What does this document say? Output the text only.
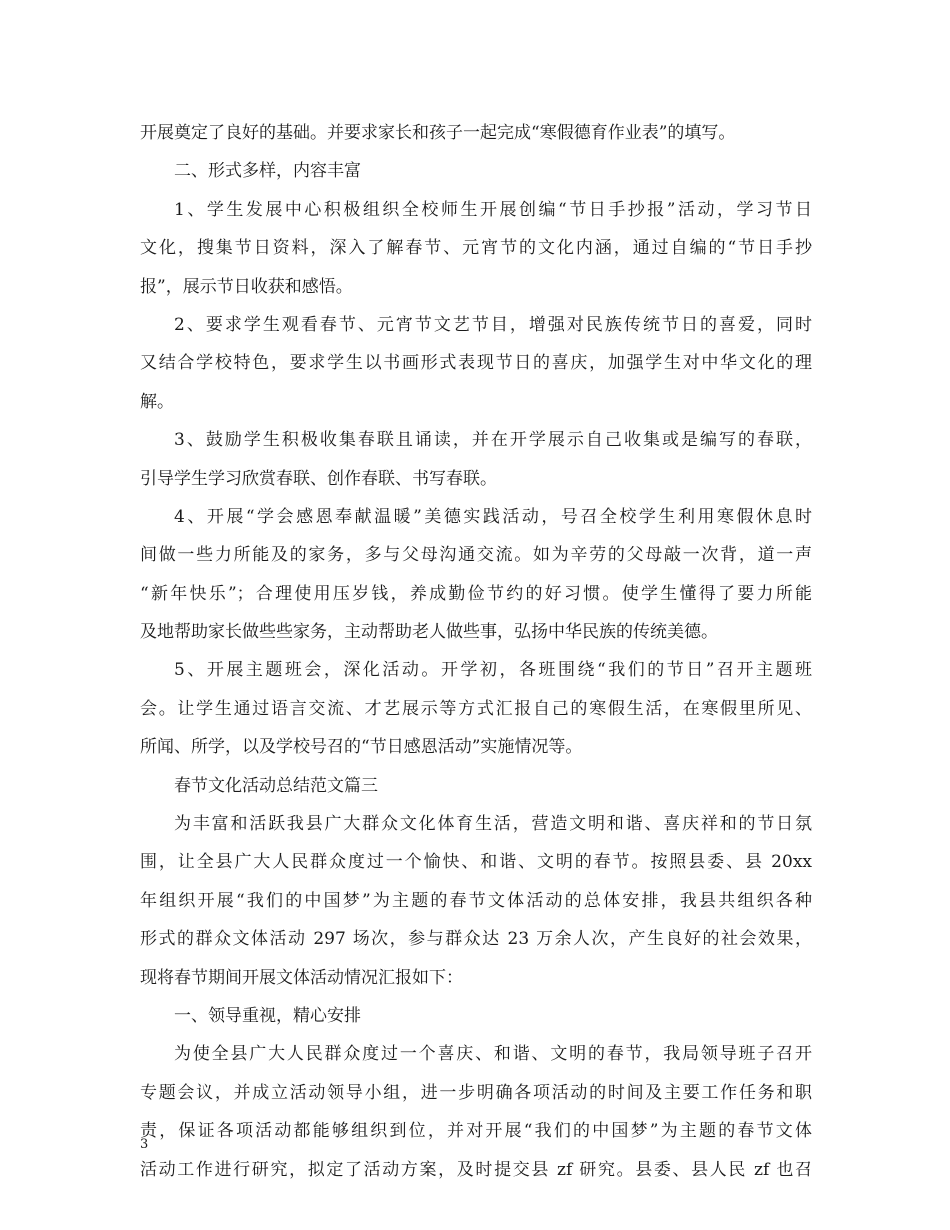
开展奠定了良好的基础。并要求家长和孩子一起完成“寒假德育作业表”的填写。
二、形式多样，内容丰富
1、学生发展中心积极组织全校师生开展创编“节日手抄报”活动，学习节日
文化，搜集节日资料，深入了解春节、元宵节的文化内涵，通过自编的“节日手抄
报”，展示节日收获和感悟。
2、要求学生观看春节、元宵节文艺节目，增强对民族传统节日的喜爱，同时
又结合学校特色，要求学生以书画形式表现节日的喜庆，加强学生对中华文化的理
解。
3、鼓励学生积极收集春联且诵读，并在开学展示自己收集或是编写的春联，
引导学生学习欣赏春联、创作春联、书写春联。
4、开展“学会感恩奉献温暖”美德实践活动，号召全校学生利用寒假休息时
间做一些力所能及的家务，多与父母沟通交流。如为辛劳的父母敲一次背，道一声
“新年快乐”；合理使用压岁钱，养成勤俭节约的好习惯。使学生懂得了要力所能
及地帮助家长做些些家务，主动帮助老人做些事，弘扬中华民族的传统美德。
5、开展主题班会，深化活动。开学初，各班围绕“我们的节日”召开主题班
会。让学生通过语言交流、才艺展示等方式汇报自己的寒假生活，在寒假里所见、
所闻、所学，以及学校号召的“节日感恩活动”实施情况等。
春节文化活动总结范文篇三
为丰富和活跃我县广大群众文化体育生活，营造文明和谐、喜庆祥和的节日氛
围，让全县广大人民群众度过一个愉快、和谐、文明的春节。按照县委、县 20xx
年组织开展“我们的中国梦”为主题的春节文体活动的总体安排，我县共组织各种
形式的群众文体活动 297 场次，参与群众达 23 万余人次，产生良好的社会效果，
现将春节期间开展文体活动情况汇报如下：
一、领导重视，精心安排
为使全县广大人民群众度过一个喜庆、和谐、文明的春节，我局领导班子召开
专题会议，并成立活动领导小组，进一步明确各项活动的时间及主要工作任务和职
责，保证各项活动都能够组织到位，并对开展“我们的中国梦”为主题的春节文体
活动工作进行研究，拟定了活动方案，及时提交县 zf 研究。县委、县人民 zf 也召
3
